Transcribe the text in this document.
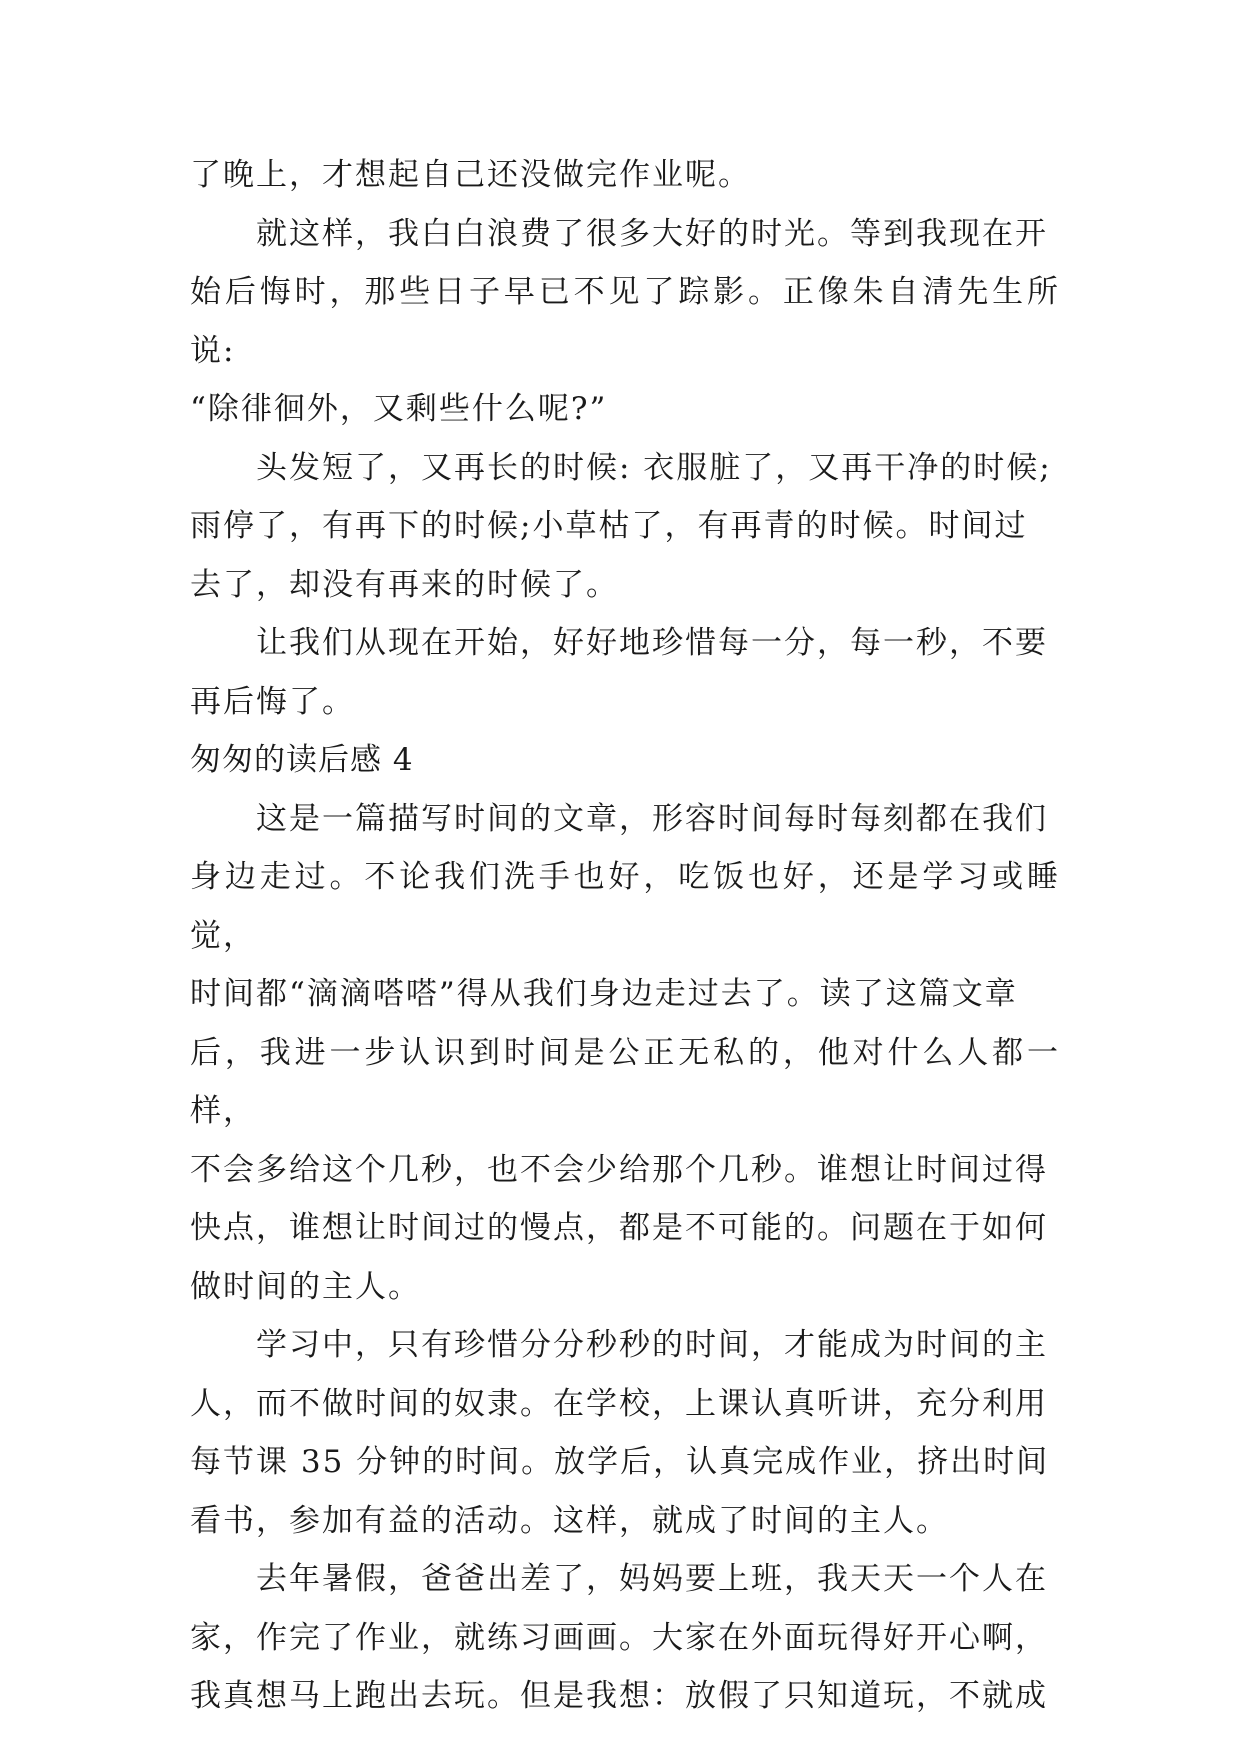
了晚上，才想起自己还没做完作业呢。

就这样，我白白浪费了很多大好的时光。等到我现在开
始后悔时，那些日子早已不见了踪影。正像朱自清先生所说:
“除徘徊外，又剩些什么呢?”

头发短了，又再长的时候: 衣服脏了，又再干净的时候;
雨停了，有再下的时候;小草枯了，有再青的时候。时间过
去了，却没有再来的时候了。

让我们从现在开始，好好地珍惜每一分，每一秒，不要
再后悔了。

匆匆的读后感 4

这是一篇描写时间的文章，形容时间每时每刻都在我们
身边走过。不论我们洗手也好，吃饭也好，还是学习或睡觉，
时间都“滴滴嗒嗒”得从我们身边走过去了。读了这篇文章
后，我进一步认识到时间是公正无私的，他对什么人都一样，
不会多给这个几秒，也不会少给那个几秒。谁想让时间过得
快点，谁想让时间过的慢点，都是不可能的。问题在于如何
做时间的主人。

学习中，只有珍惜分分秒秒的时间，才能成为时间的主
人，而不做时间的奴隶。在学校，上课认真听讲，充分利用
每节课 35 分钟的时间。放学后，认真完成作业，挤出时间
看书，参加有益的活动。这样，就成了时间的主人。

去年暑假，爸爸出差了，妈妈要上班，我天天一个人在
家，作完了作业，就练习画画。大家在外面玩得好开心啊，
我真想马上跑出去玩。但是我想：放假了只知道玩，不就成
